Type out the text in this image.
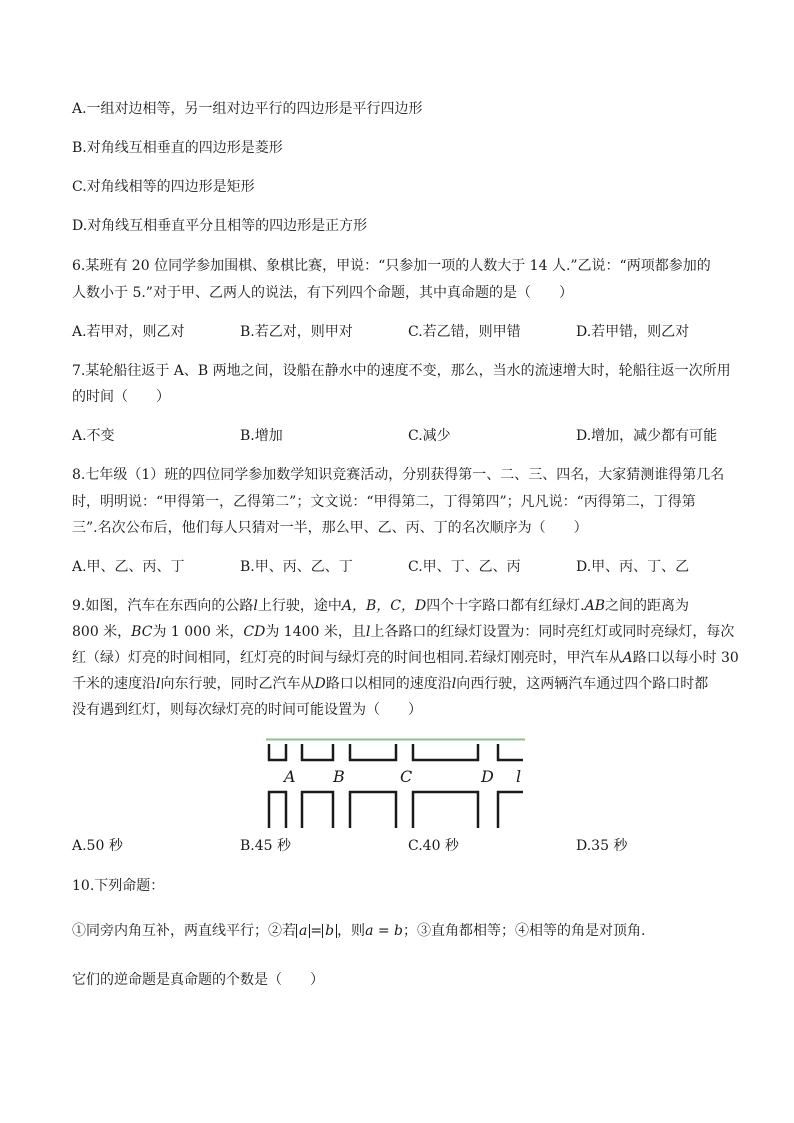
A.一组对边相等，另一组对边平行的四边形是平行四边形
B.对角线互相垂直的四边形是菱形
C.对角线相等的四边形是矩形
D.对角线互相垂直平分且相等的四边形是正方形
6.某班有 20 位同学参加围棋、象棋比赛，甲说：“只参加一项的人数大于 14 人.”乙说：“两项都参加的
人数小于 5.”对于甲、乙两人的说法，有下列四个命题，其中真命题的是（　　）
A.若甲对，则乙对	B.若乙对，则甲对	C.若乙错，则甲错	D.若甲错，则乙对
7.某轮船往返于 A、B 两地之间，设船在静水中的速度不变，那么，当水的流速增大时，轮船往返一次所用
的时间（　　）
A.不变	B.增加	C.减少	D.增加，减少都有可能
8.七年级（1）班的四位同学参加数学知识竞赛活动，分别获得第一、二、三、四名，大家猜测谁得第几名
时，明明说：“甲得第一，乙得第二”；文文说：“甲得第二，丁得第四”；凡凡说：“丙得第二，丁得第
三”.名次公布后，他们每人只猜对一半，那么甲、乙、丙、丁的名次顺序为（　　）
A.甲、乙、丙、丁	B.甲、丙、乙、丁	C.甲、丁、乙、丙	D.甲、丙、丁、乙
9.如图，汽车在东西向的公路l上行驶，途中A，B，C，D四个十字路口都有红绿灯.AB之间的距离为
800 米，BC为 1 000 米，CD为 1400 米，且l上各路口的红绿灯设置为：同时亮红灯或同时亮绿灯，每次
红（绿）灯亮的时间相同，红灯亮的时间与绿灯亮的时间也相同.若绿灯刚亮时，甲汽车从A路口以每小时 30
千米的速度沿l向东行驶，同时乙汽车从D路口以相同的速度沿l向西行驶，这两辆汽车通过四个路口时都
没有遇到红灯，则每次绿灯亮的时间可能设置为（　　）
A B	C	D l
A.50 秒	B.45 秒	C.40 秒	D.35 秒
10.下列命题：
①同旁内角互补，两直线平行；②若 a = b ，则a = b；③直角都相等；④相等的角是对顶角.
它们的逆命题是真命题的个数是（　　）
